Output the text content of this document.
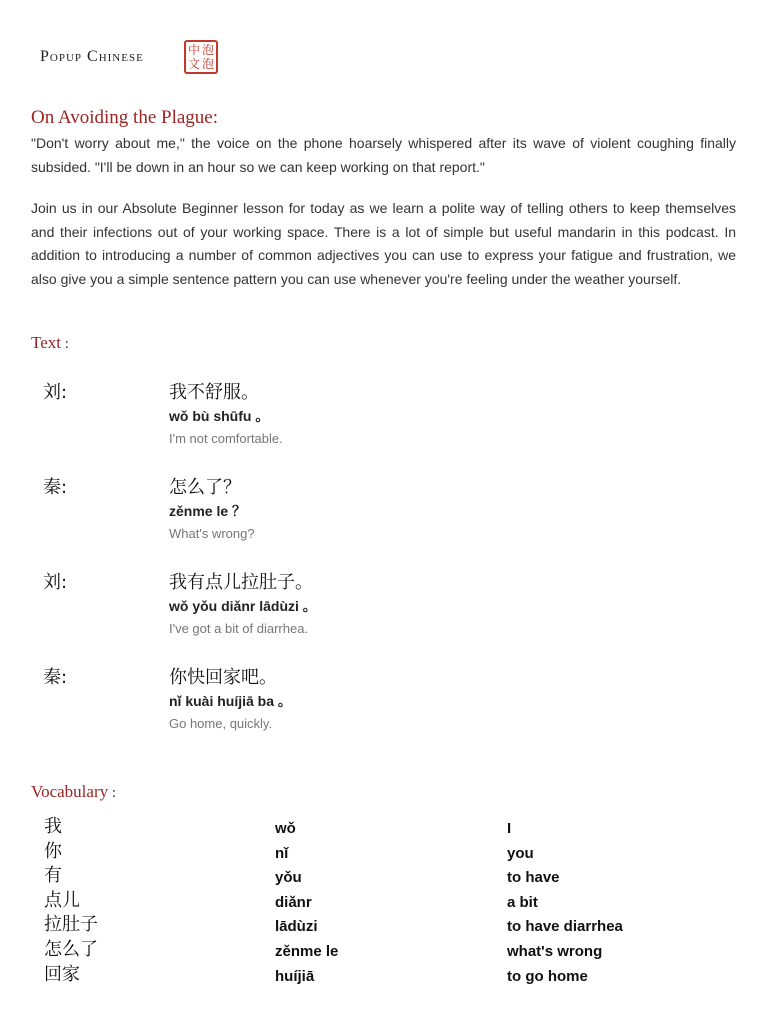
Popup Chinese	中 泡
文 泡
On Avoiding the Plague:
"Don't worry about me," the voice on the phone hoarsely whispered after its wave of violent coughing finally subsided. "I'll be down in an hour so we can keep working on that report."
Join us in our Absolute Beginner lesson for today as we learn a polite way of telling others to keep themselves and their infections out of your working space. There is a lot of simple but useful mandarin in this podcast. In addition to introducing a number of common adjectives you can use to express your fatigue and frustration, we also give you a simple sentence pattern you can use whenever you're feeling under the weather yourself.
Text :
刘:	我不舒服。
wǒ bù shūfu 。
I'm not comfortable.
秦:	怎么了？
zěnme le ？
What's wrong?
刘:	我有点儿拉肚子。
wǒ yǒu diǎnr lādùzi 。
I've got a bit of diarrhea.
秦:	你快回家吧。
nǐ kuài huíjiā ba 。
Go home, quickly.
Vocabulary :
我	wǒ	I
你	nǐ	you
有	yǒu	to have
点儿	diǎnr	a bit
拉肚子	lādùzi	to have diarrhea
怎么了	zěnme le	what's wrong
回家	huíjiā	to go home
